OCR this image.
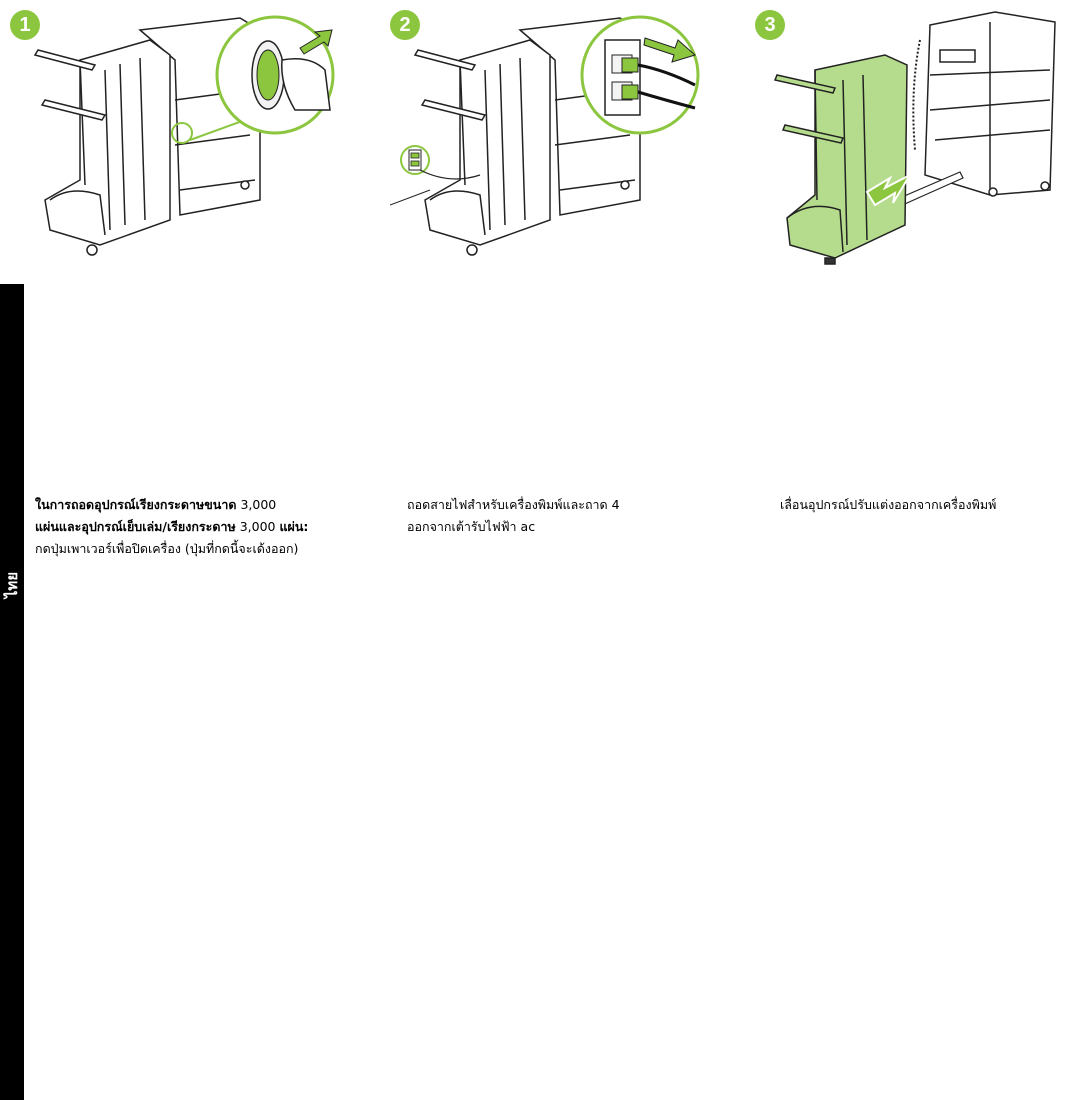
ไทย
1	2	3
ในการถอดอุปกรณ์เรียงกระดาษขนาด 3,000
แผ่นและอุปกรณ์เย็บเล่ม/เรียงกระดาษ 3,000 แผ่น:
กดปุ่มเพาเวอร์เพื่อปิดเครื่อง (ปุ่มที่กดนี้จะเด้งออก)
ถอดสายไฟสำหรับเครื่องพิมพ์และถาด 4
ออกจากเต้ารับไฟฟ้า ac
เลื่อนอุปกรณ์ปรับแต่งออกจากเครื่องพิมพ์
